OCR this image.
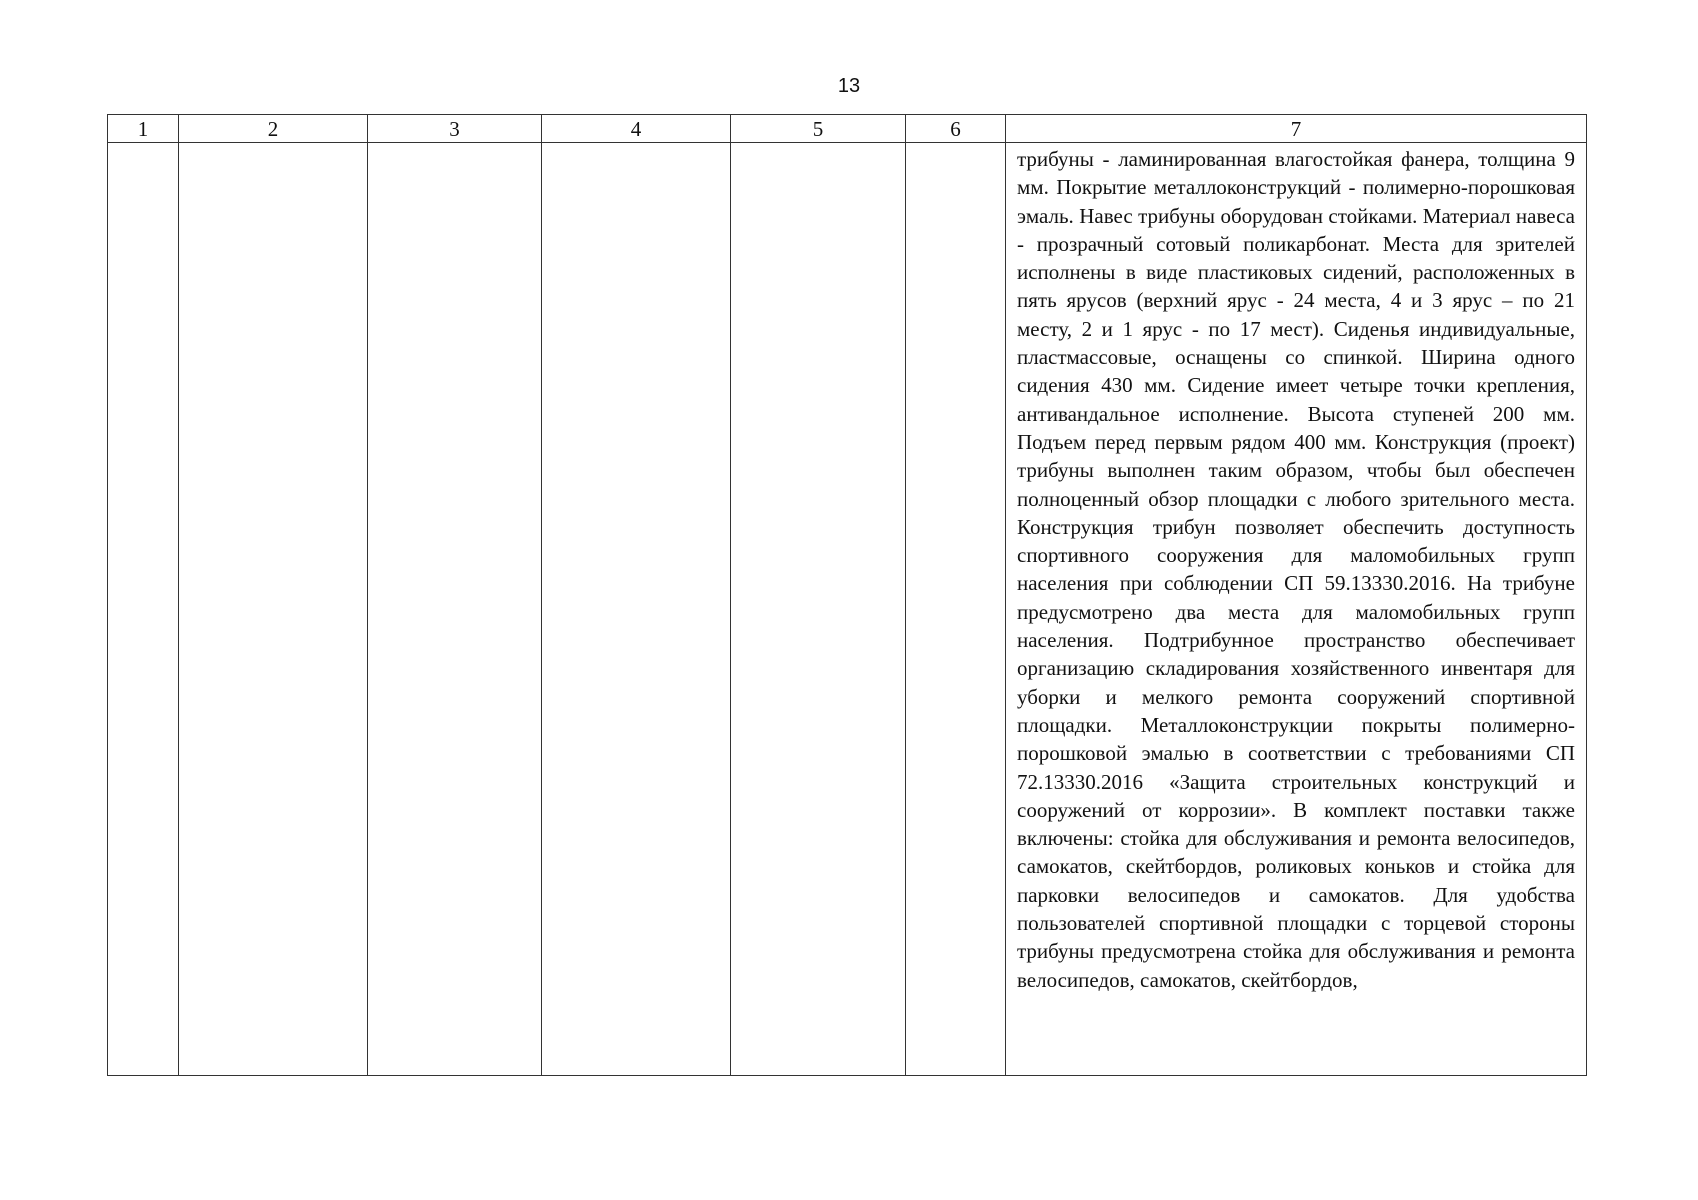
13
1	2	3	4	5	6	7

						трибуны - ламинированная влагостойкая фанера, толщина 9 мм. Покрытие металлоконструкций - полимерно-порошковая эмаль. Навес трибуны оборудован стойками. Материал навеса - прозрачный сотовый поликарбонат. Места для зрителей исполнены в виде пластиковых сидений, расположенных в пять ярусов (верхний ярус - 24 места, 4 и 3 ярус – по 21 месту, 2 и 1 ярус - по 17 мест). Сиденья индивидуальные, пластмассовые, оснащены со спинкой. Ширина одного сидения 430 мм. Сидение имеет четыре точки крепления, антивандальное исполнение. Высота ступеней 200 мм. Подъем перед первым рядом 400 мм. Конструкция (проект) трибуны выполнен таким образом, чтобы был обеспечен полноценный обзор площадки с любого зрительного места. Конструкция трибун позволяет обеспечить доступность спортивного сооружения для маломобильных групп населения при соблюдении СП 59.13330.2016. На трибуне предусмотрено два места для маломобильных групп населения. Подтрибунное пространство обеспечивает организацию складирования хозяйственного инвентаря для уборки и мелкого ремонта сооружений спортивной площадки. Металлоконструкции покрыты полимерно-порошковой эмалью в соответствии с требованиями СП 72.13330.2016 «Защита строительных конструкций и сооружений от коррозии». В комплект поставки также включены: стойка для обслуживания и ремонта велосипедов, самокатов, скейтбордов, роликовых коньков и стойка для парковки велосипедов и самокатов. Для удобства пользователей спортивной площадки с торцевой стороны трибуны предусмотрена стойка для обслуживания и ремонта велосипедов, самокатов, скейтбордов,
